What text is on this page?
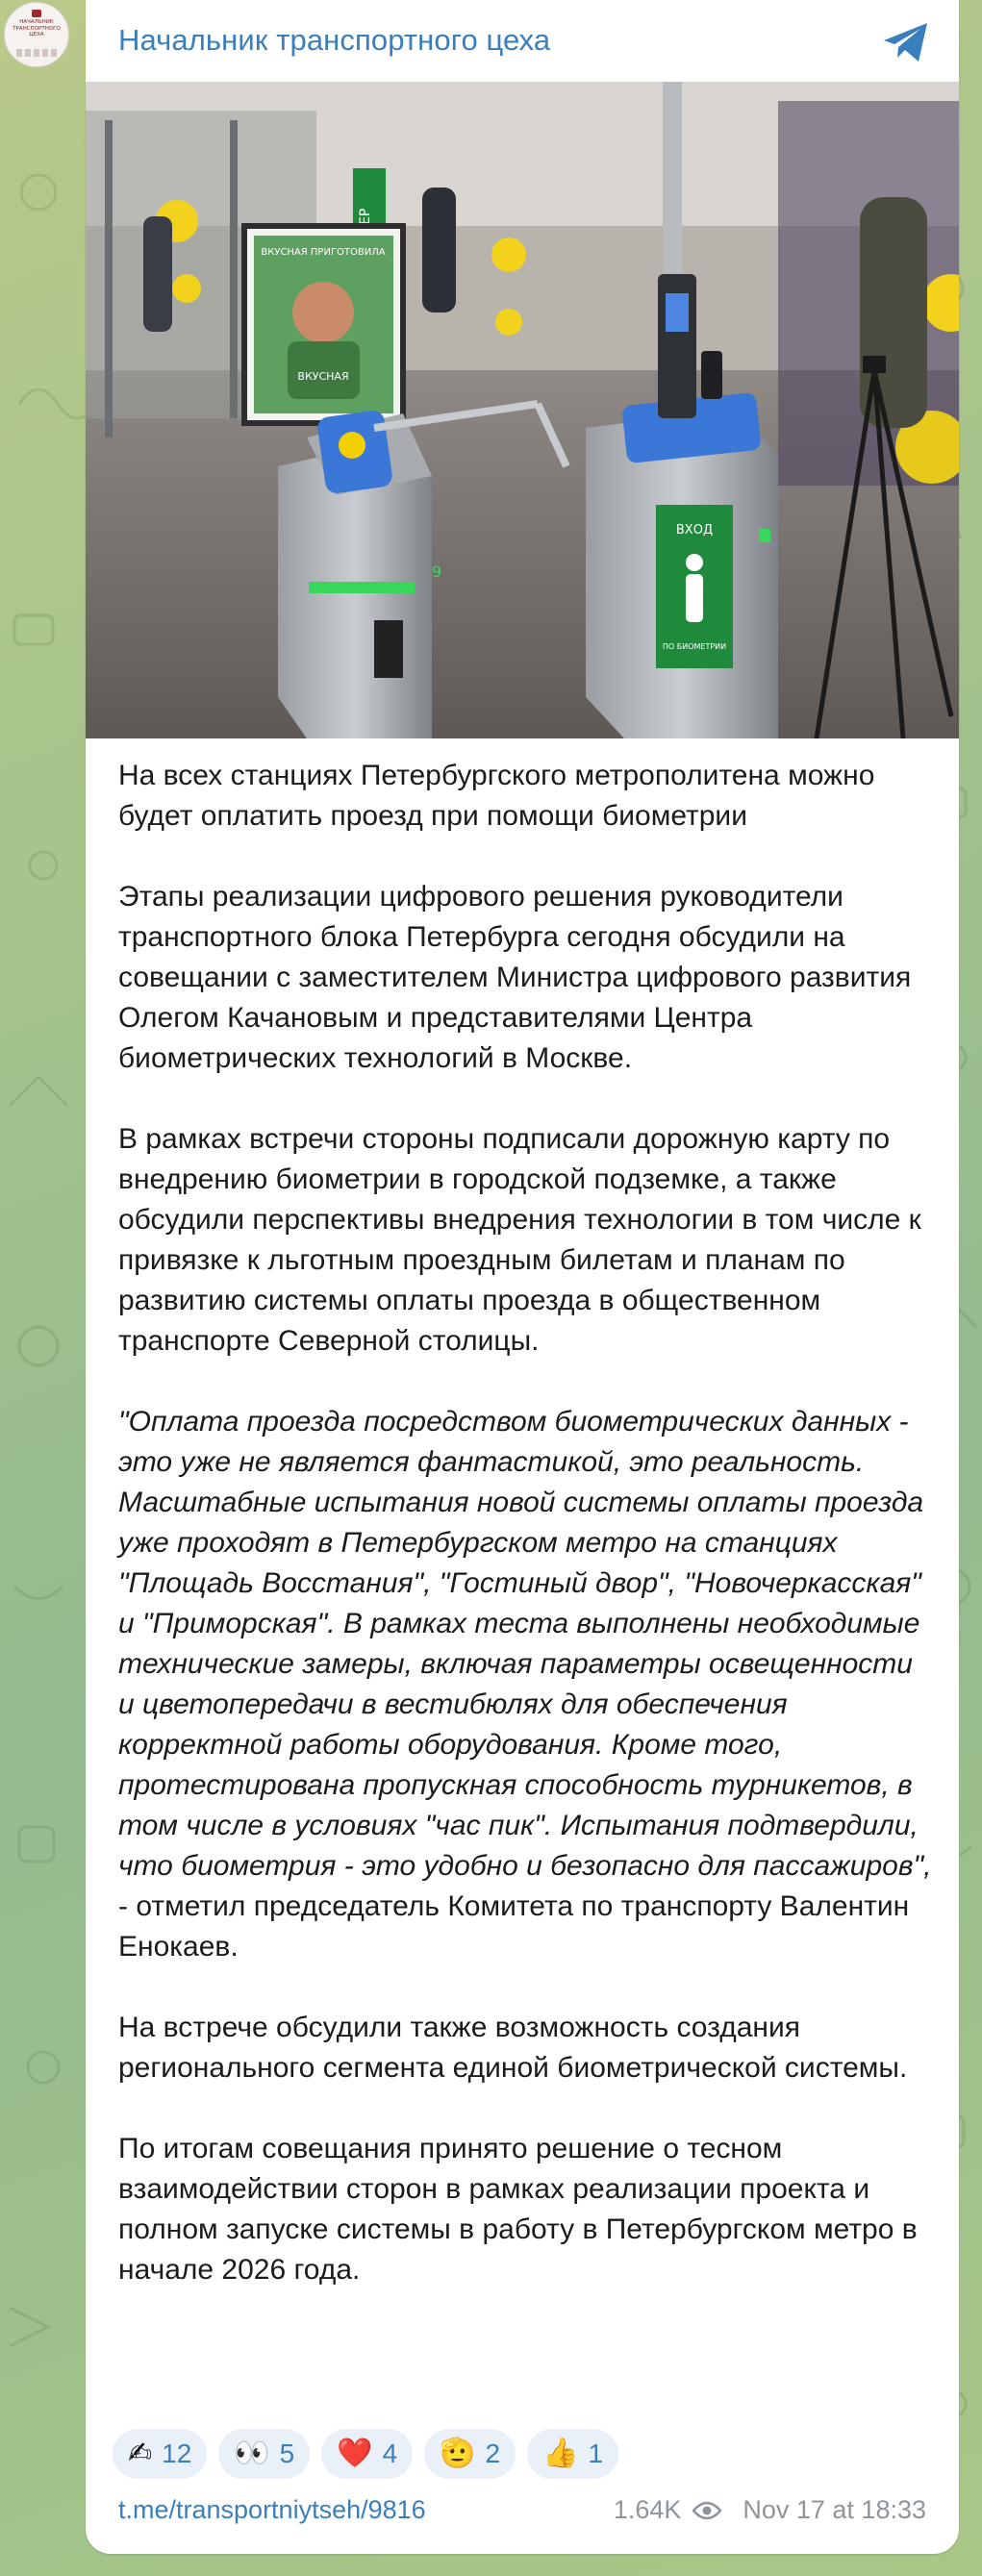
НАЧАЛЬНИК ТРАНСПОРТНОГО ЦЕХА	Начальник транспортного цеха
ВКУСНАЯ ПРИГОТОВИЛА
ВКУСНАЯ
9
ВХОД
ПО БИОМЕТРИИ

На всех станциях Петербургского метрополитена можно будет оплатить проезд при помощи биометрии

Этапы реализации цифрового решения руководители транспортного блока Петербурга сегодня обсудили на совещании с заместителем Министра цифрового развития Олегом Качановым и представителями Центра биометрических технологий в Москве.

В рамках встречи стороны подписали дорожную карту по внедрению биометрии в городской подземке, а также обсудили перспективы внедрения технологии в том числе к привязке к льготным проездным билетам и планам по развитию системы оплаты проезда в общественном транспорте Северной столицы.

"Оплата проезда посредством биометрических данных - это уже не является фантастикой, это реальность.

Масштабные испытания новой системы оплаты проезда уже проходят в Петербургском метро на станциях "Площадь Восстания", "Гостиный двор", "Новочеркасская" и "Приморская". В рамках теста выполнены необходимые технические замеры, включая параметры освещенности и цветопередачи в вестибюлях для обеспечения корректной работы оборудования. Кроме того, протестирована пропускная способность турникетов, в том числе в условиях "час пик". Испытания подтвердили, что биометрия - это удобно и безопасно для пассажиров",

- отметил председатель Комитета по транспорту Валентин Енокаев.

На встрече обсудили также возможность создания регионального сегмента единой биометрической системы.

По итогам совещания принято решение о тесном взаимодействии сторон в рамках реализации проекта и полном запуске системы в работу в Петербургском метро в начале 2026 года.

✍ 12 👀 5 ❤️ 4 🫡 2 👍 1
t.me/transportniytseh/9816	1.64K Nov 17 at 18:33
